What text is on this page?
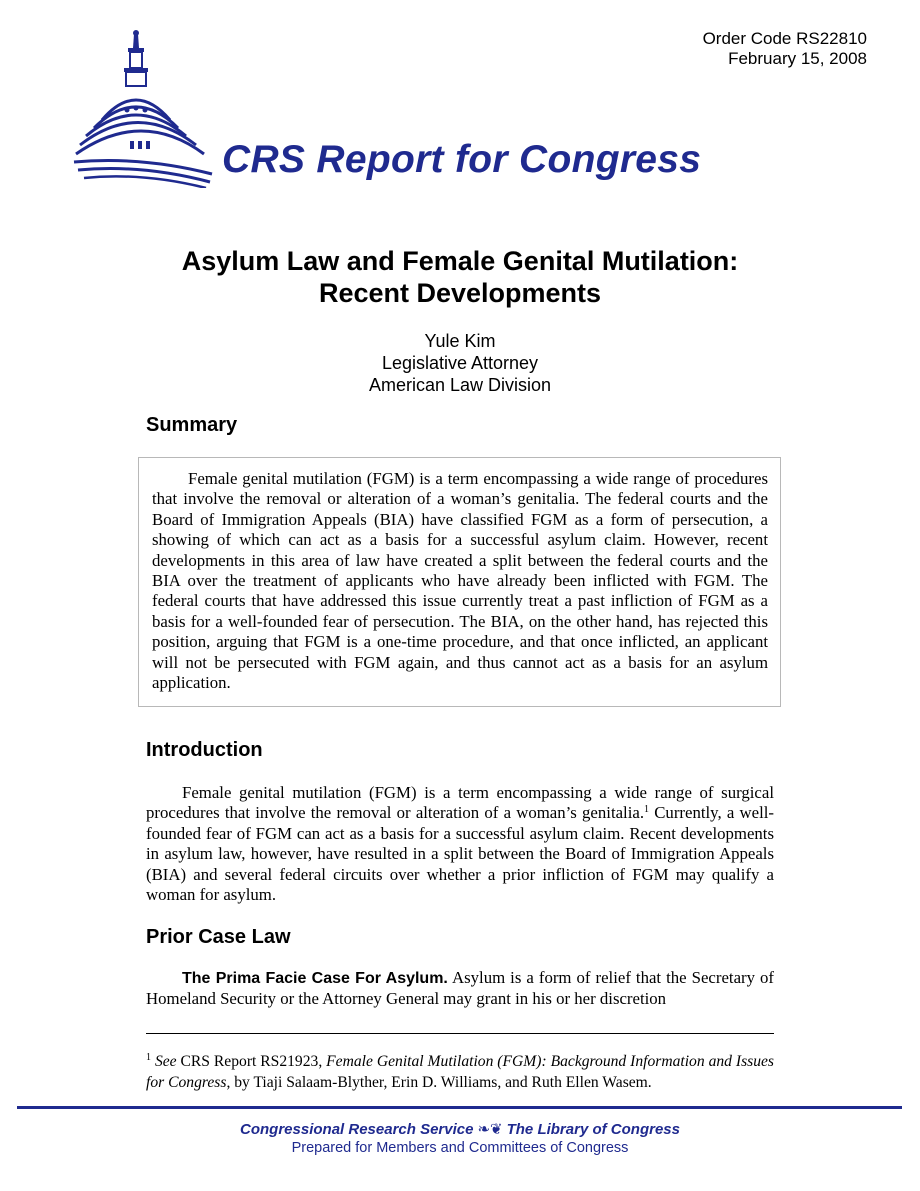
Order Code RS22810
February 15, 2008
CRS Report for Congress
Asylum Law and Female Genital Mutilation:
Recent Developments
Yule Kim
Legislative Attorney
American Law Division
Summary

Female genital mutilation (FGM) is a term encompassing a wide range of procedures that involve the removal or alteration of a woman’s genitalia. The federal courts and the Board of Immigration Appeals (BIA) have classified FGM as a form of persecution, a showing of which can act as a basis for a successful asylum claim. However, recent developments in this area of law have created a split between the federal courts and the BIA over the treatment of applicants who have already been inflicted with FGM. The federal courts that have addressed this issue currently treat a past infliction of FGM as a basis for a well-founded fear of persecution. The BIA, on the other hand, has rejected this position, arguing that FGM is a one-time procedure, and that once inflicted, an applicant will not be persecuted with FGM again, and thus cannot act as a basis for an asylum application.

Introduction

Female genital mutilation (FGM) is a term encompassing a wide range of surgical procedures that involve the removal or alteration of a woman’s genitalia.$^1$ Currently, a well-founded fear of FGM can act as a basis for a successful asylum claim. Recent developments in asylum law, however, have resulted in a split between the Board of Immigration Appeals (BIA) and several federal circuits over whether a prior infliction of FGM may qualify a woman for asylum.

Prior Case Law

The Prima Facie Case For Asylum. Asylum is a form of relief that the Secretary of Homeland Security or the Attorney General may grant in his or her discretion

$^1$ See CRS Report RS21923, Female Genital Mutilation (FGM): Background Information and Issues for Congress, by Tiaji Salaam-Blyther, Erin D. Williams, and Ruth Ellen Wasem.
Congressional Research Service ❧❦ The Library of Congress
Prepared for Members and Committees of Congress
